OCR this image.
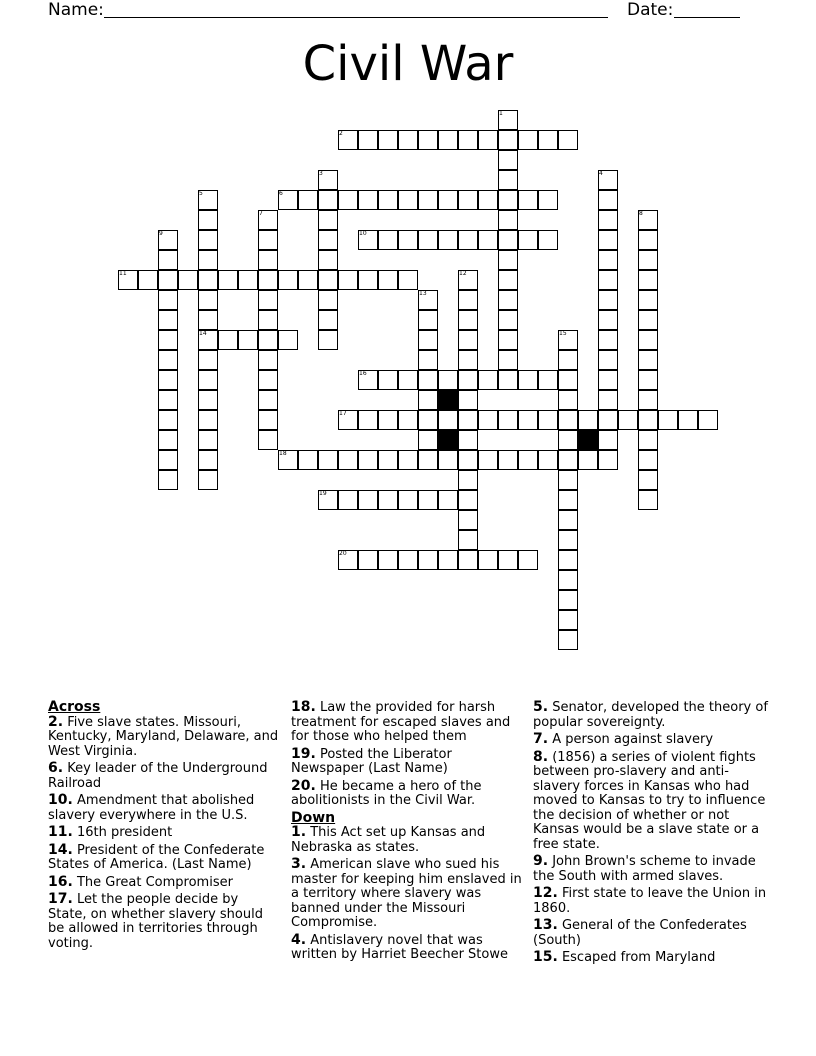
Name:	Date:
Civil War
1
2
3	4
5	6
7	8
9	10
11	12
13
14	15
16
17
18
19
20
Across
2. Five slave states. Missouri, Kentucky, Maryland, Delaware, and West Virginia.
6. Key leader of the Underground Railroad
10. Amendment that abolished slavery everywhere in the U.S.
11. 16th president
14. President of the Confederate States of America. (Last Name)
16. The Great Compromiser
17. Let the people decide by State, on whether slavery should be allowed in territories through voting.
18. Law the provided for harsh treatment for escaped slaves and for those who helped them
19. Posted the Liberator Newspaper (Last Name)
20. He became a hero of the abolitionists in the Civil War.
Down
1. This Act set up Kansas and Nebraska as states.
3. American slave who sued his master for keeping him enslaved in a territory where slavery was banned under the Missouri Compromise.
4. Antislavery novel that was written by Harriet Beecher Stowe
5. Senator, developed the theory of popular sovereignty.
7. A person against slavery
8. (1856) a series of violent fights between pro-slavery and anti-slavery forces in Kansas who had moved to Kansas to try to influence the decision of whether or not Kansas would be a slave state or a free state.
9. John Brown's scheme to invade the South with armed slaves.
12. First state to leave the Union in 1860.
13. General of the Confederates (South)
15. Escaped from Maryland
